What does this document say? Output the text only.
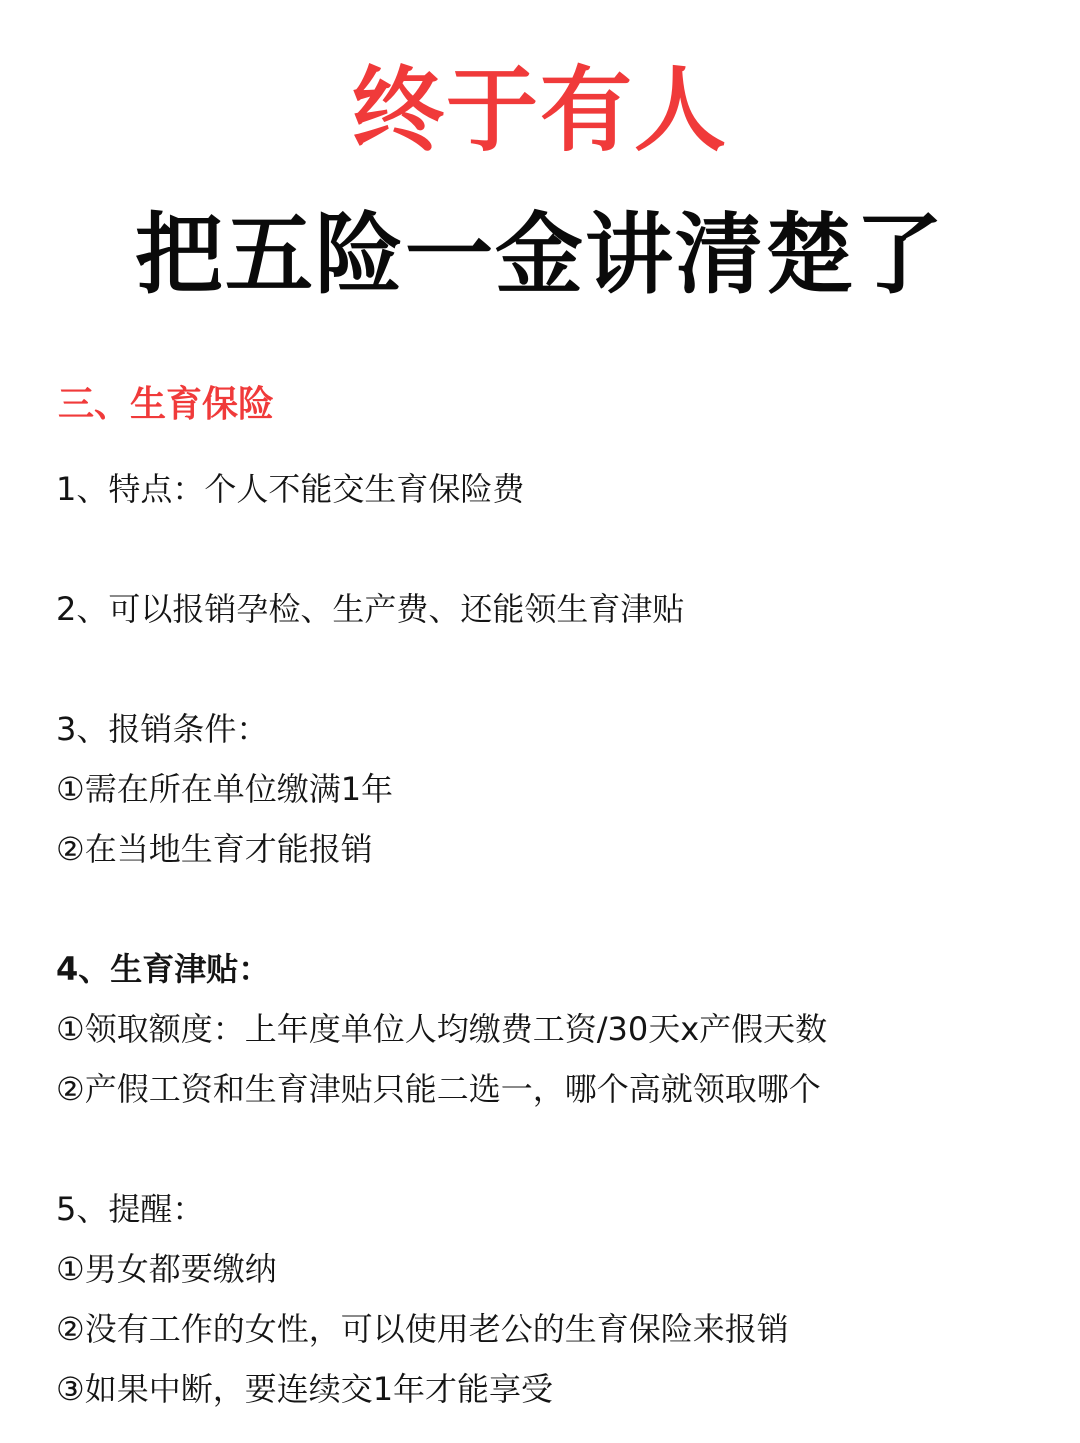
终于有人
把五险一金讲清楚了
三、生育保险
1、特点：个人不能交生育保险费
2、可以报销孕检、生产费、还能领生育津贴
3、报销条件：
①需在所在单位缴满1年
②在当地生育才能报销
4、生育津贴：
①领取额度：上年度单位人均缴费工资/30天x产假天数
②产假工资和生育津贴只能二选一，哪个高就领取哪个
5、提醒：
①男女都要缴纳
②没有工作的女性，可以使用老公的生育保险来报销
③如果中断，要连续交1年才能享受
